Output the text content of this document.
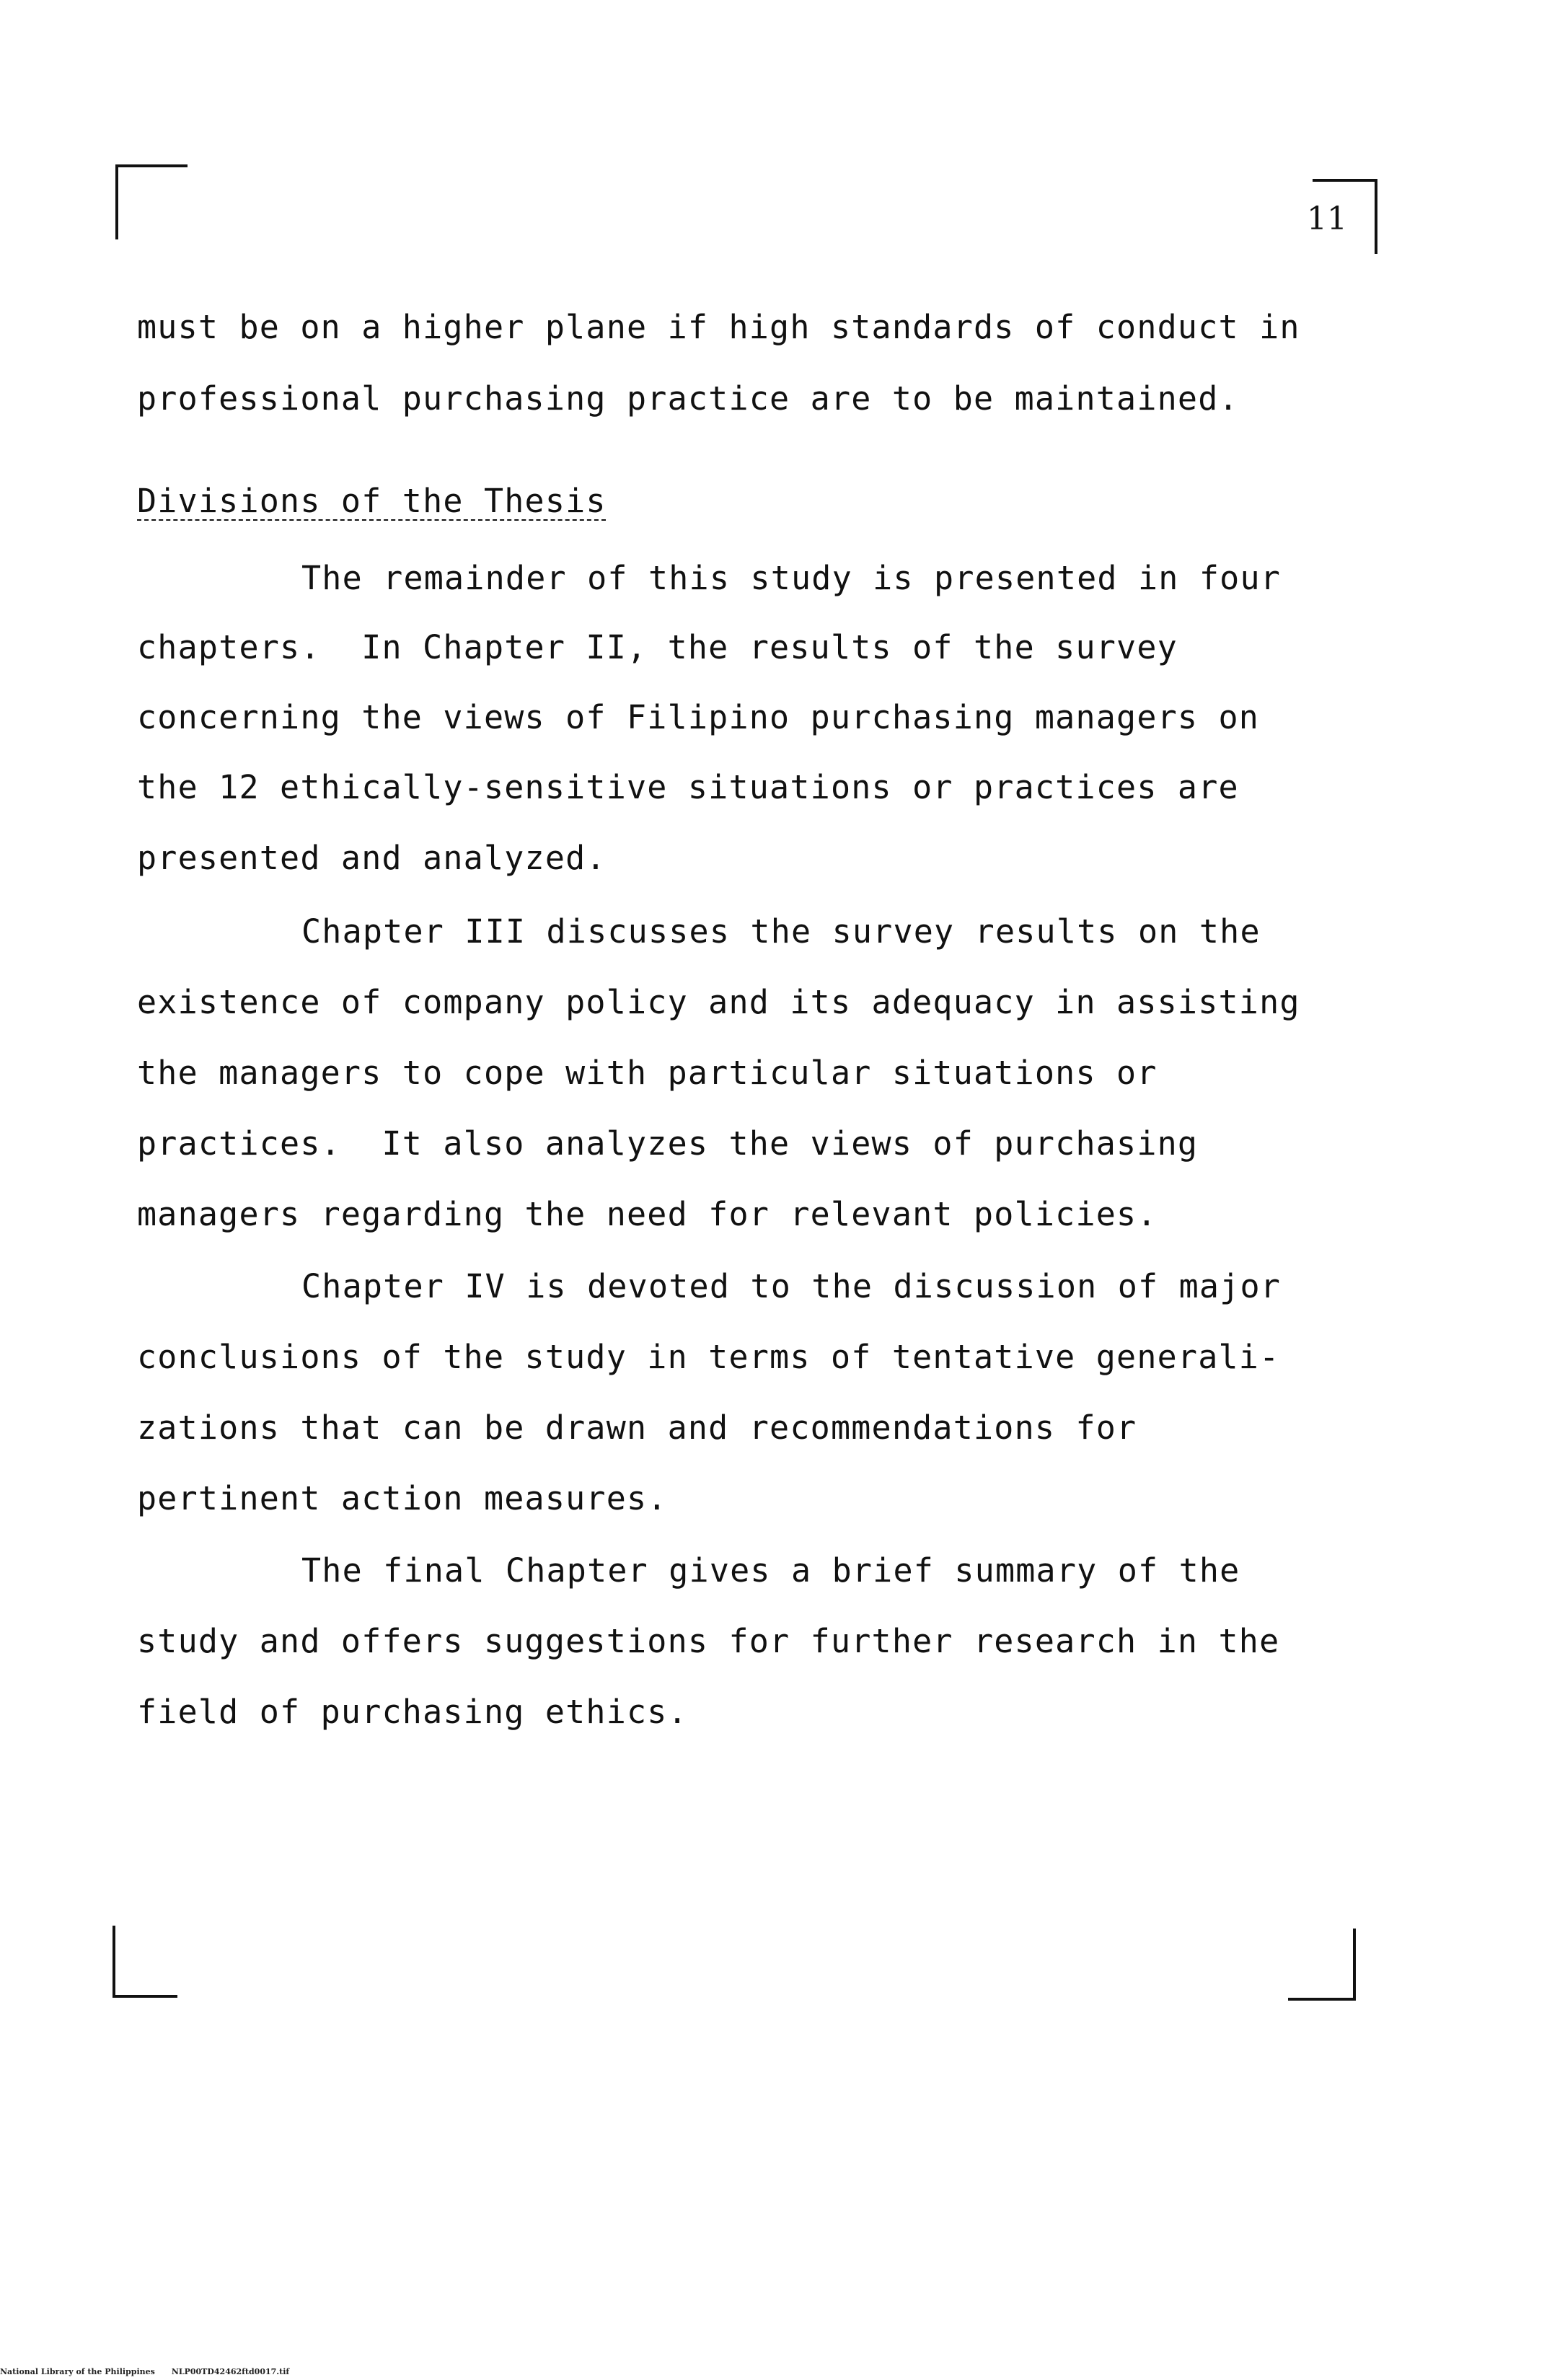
11
must be on a higher plane if high standards of conduct in
professional purchasing practice are to be maintained.
Divisions of the Thesis
The remainder of this study is presented in four
chapters.  In Chapter II, the results of the survey
concerning the views of Filipino purchasing managers on
the 12 ethically-sensitive situations or practices are
presented and analyzed.
Chapter III discusses the survey results on the
existence of company policy and its adequacy in assisting
the managers to cope with particular situations or
practices.  It also analyzes the views of purchasing
managers regarding the need for relevant policies.
Chapter IV is devoted to the discussion of major
conclusions of the study in terms of tentative generali-
zations that can be drawn and recommendations for
pertinent action measures.
The final Chapter gives a brief summary of the
study and offers suggestions for further research in the
field of purchasing ethics.
National Library of the Philippines NLP00TD42462ftd0017.tif
